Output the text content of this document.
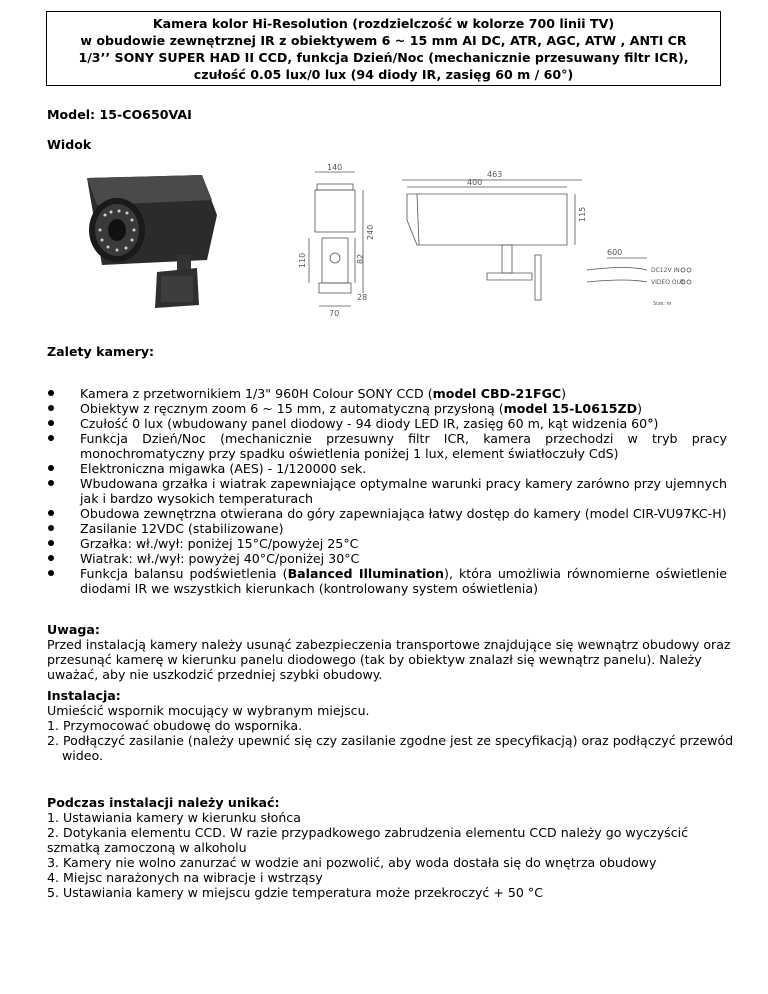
Kamera kolor Hi-Resolution (rozdzielczość w kolorze 700 linii TV)
w obudowie zewnętrznej IR z obiektywem 6 ~ 15 mm AI DC, ATR, AGC, ATW , ANTI CR
1/3’’ SONY SUPER HAD II CCD, funkcja Dzień/Noc (mechanicznie przesuwany filtr ICR),
czułość 0.05 lux/0 lux (94 diody IR, zasięg 60 m / 60°)
Model: 15-CO650VAI
Widok
140
240
110	82
28
70
463
400
115
600
DC12V IN
VIDEO OUT
Size: m
Zalety kamery:
Kamera z przetwornikiem 1/3" 960H Colour SONY CCD (model CBD-21FGC)
Obiektyw z ręcznym zoom 6 ~ 15 mm, z automatyczną przysłoną (model 15-L0615ZD)
Czułość 0 lux (wbudowany panel diodowy - 94 diody LED IR, zasięg 60 m, kąt widzenia 60°)
Funkcja Dzień/Noc (mechanicznie przesuwny filtr ICR, kamera przechodzi w tryb pracy monochromatyczny przy spadku oświetlenia poniżej 1 lux, element światłoczuły CdS)
Elektroniczna migawka (AES) - 1/120000 sek.
Wbudowana grzałka i wiatrak zapewniające optymalne warunki pracy kamery zarówno przy ujemnych jak i bardzo wysokich temperaturach
Obudowa zewnętrzna otwierana do góry zapewniająca łatwy dostęp do kamery (model CIR-VU97KC-H)
Zasilanie 12VDC (stabilizowane)
Grzałka: wł./wył: poniżej 15°C/powyżej 25°C
Wiatrak: wł./wył: powyżej 40°C/poniżej 30°C
Funkcja balansu podświetlenia (Balanced Illumination), która umożliwia równomierne oświetlenie diodami IR we wszystkich kierunkach (kontrolowany system oświetlenia)
Uwaga:
Przed instalacją kamery należy usunąć zabezpieczenia transportowe znajdujące się wewnątrz obudowy oraz przesunąć kamerę w kierunku panelu diodowego (tak by obiektyw znalazł się wewnątrz panelu). Należy uważać, aby nie uszkodzić przedniej szybki obudowy.
Instalacja:
Umieścić wspornik mocujący w wybranym miejscu.
1. Przymocować obudowę do wspornika.
2. Podłączyć zasilanie (należy upewnić się czy zasilanie zgodne jest ze specyfikacją) oraz podłączyć przewód wideo.
Podczas instalacji należy unikać:
1. Ustawiania kamery w kierunku słońca
2. Dotykania elementu CCD. W razie przypadkowego zabrudzenia elementu CCD należy go wyczyścić szmatką zamoczoną w alkoholu
3. Kamery nie wolno zanurzać w wodzie ani pozwolić, aby woda dostała się do wnętrza obudowy
4. Miejsc narażonych na wibracje i wstrząsy
5. Ustawiania kamery w miejscu gdzie temperatura może przekroczyć + 50 °C
